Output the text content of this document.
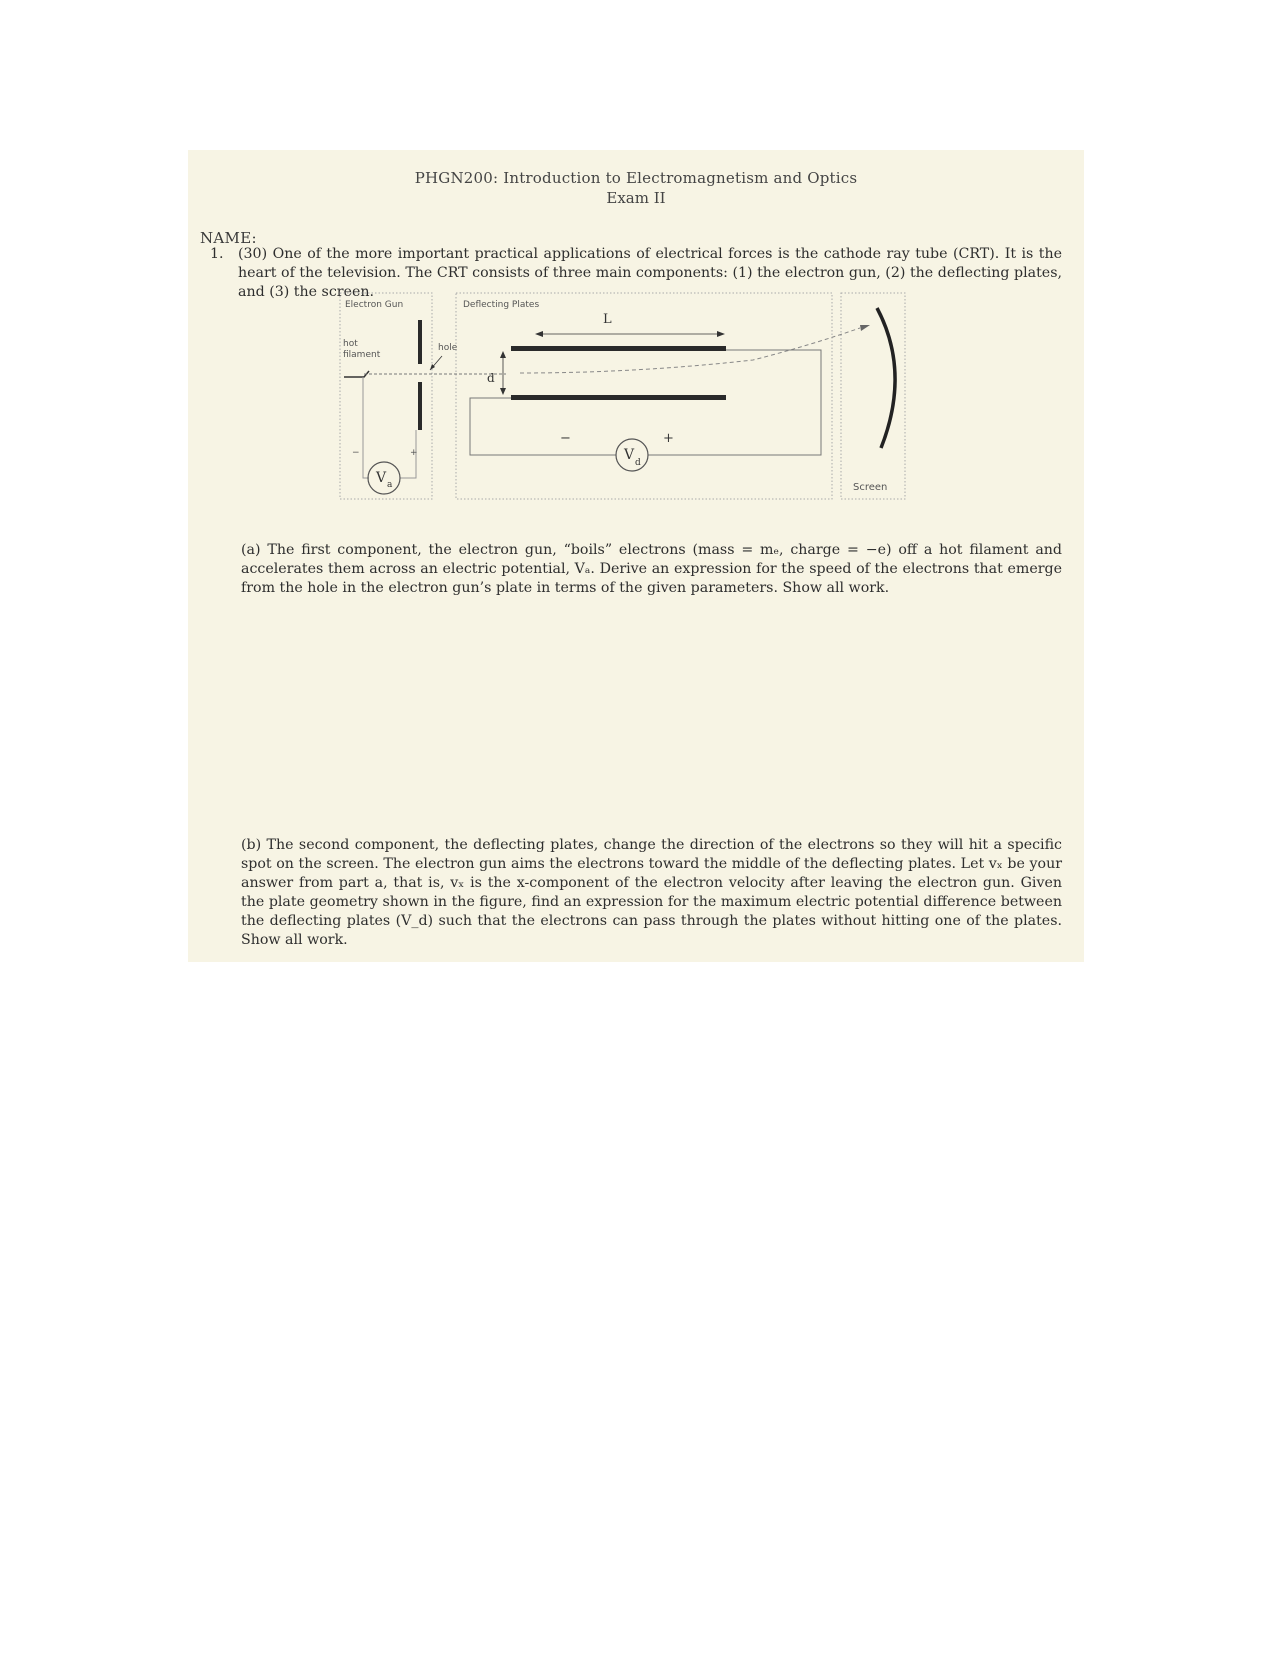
PHGN200: Introduction to Electromagnetism and Optics
Exam II
NAME:
1. (30) One of the more important practical applications of electrical forces is the cathode ray tube (CRT). It is the heart of the television. The CRT consists of three main components: (1) the electron gun, (2) the deflecting plates, and (3) the screen.
Electron Gun	Deflecting Plates
Screen
hot
filament
hole
−	+
V a
L
d
−	+
V d
(a) The first component, the electron gun, “boils” electrons (mass = mₑ, charge = −e) off a hot filament and accelerates them across an electric potential, Vₐ. Derive an expression for the speed of the electrons that emerge from the hole in the electron gun’s plate in terms of the given parameters. Show all work.
(b) The second component, the deflecting plates, change the direction of the electrons so they will hit a specific spot on the screen. The electron gun aims the electrons toward the middle of the deflecting plates. Let vₓ be your answer from part a, that is, vₓ is the x-component of the electron velocity after leaving the electron gun. Given the plate geometry shown in the figure, find an expression for the maximum electric potential difference between the deflecting plates (V_d) such that the electrons can pass through the plates without hitting one of the plates. Show all work.
